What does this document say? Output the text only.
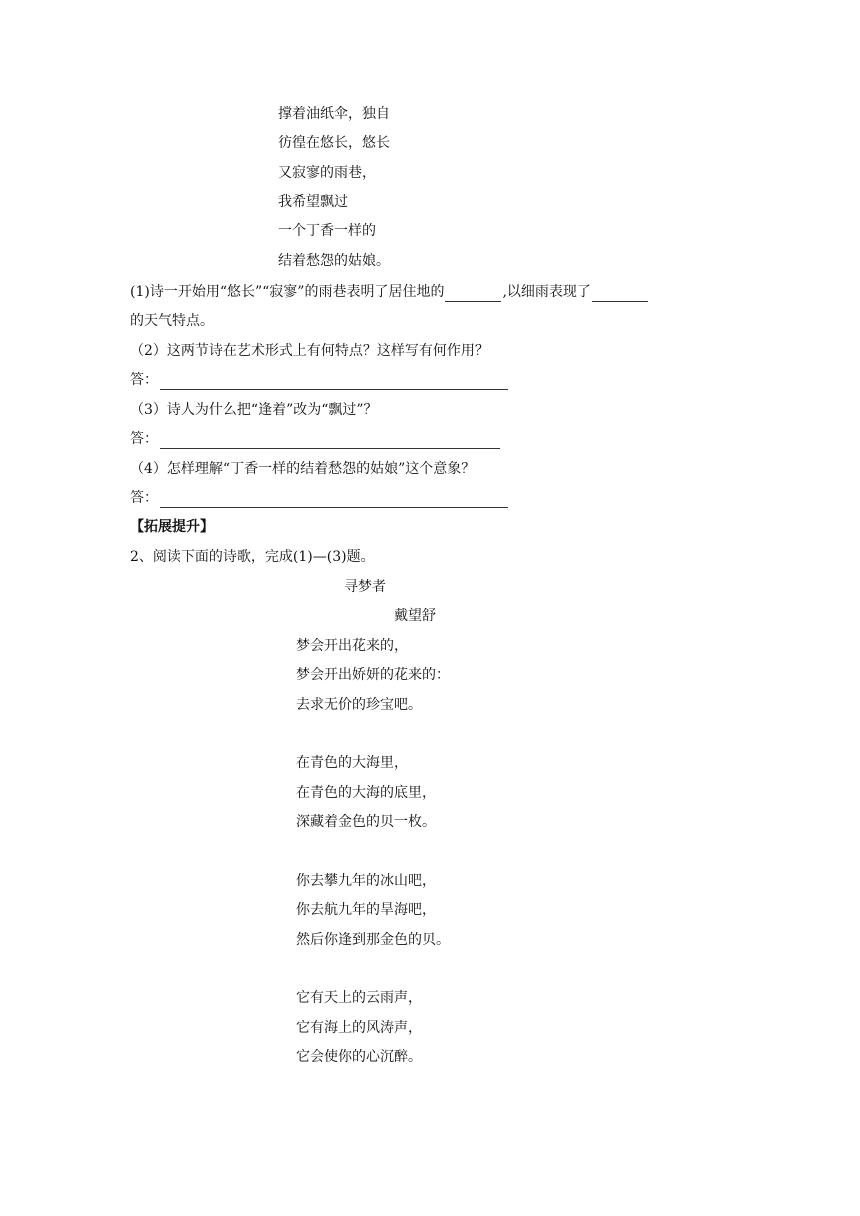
撑着油纸伞，独自
彷徨在悠长，悠长
又寂寥的雨巷，
我希望飘过
一个丁香一样的
结着愁怨的姑娘。
(1)诗一开始用“悠长”“寂寥”的雨巷表明了居住地的	,以细雨表现了
的天气特点。
（2）这两节诗在艺术形式上有何特点？这样写有何作用？
答：
（3）诗人为什么把“逢着”改为“飘过”？
答：
（4）怎样理解“丁香一样的结着愁怨的姑娘”这个意象？
答：
【拓展提升】
2、阅读下面的诗歌，完成(1)—(3)题。
寻梦者
戴望舒
梦会开出花来的，
梦会开出娇妍的花来的：
去求无价的珍宝吧。
在青色的大海里，
在青色的大海的底里，
深藏着金色的贝一枚。
你去攀九年的冰山吧，
你去航九年的旱海吧，
然后你逢到那金色的贝。
它有天上的云雨声，
它有海上的风涛声，
它会使你的心沉醉。
